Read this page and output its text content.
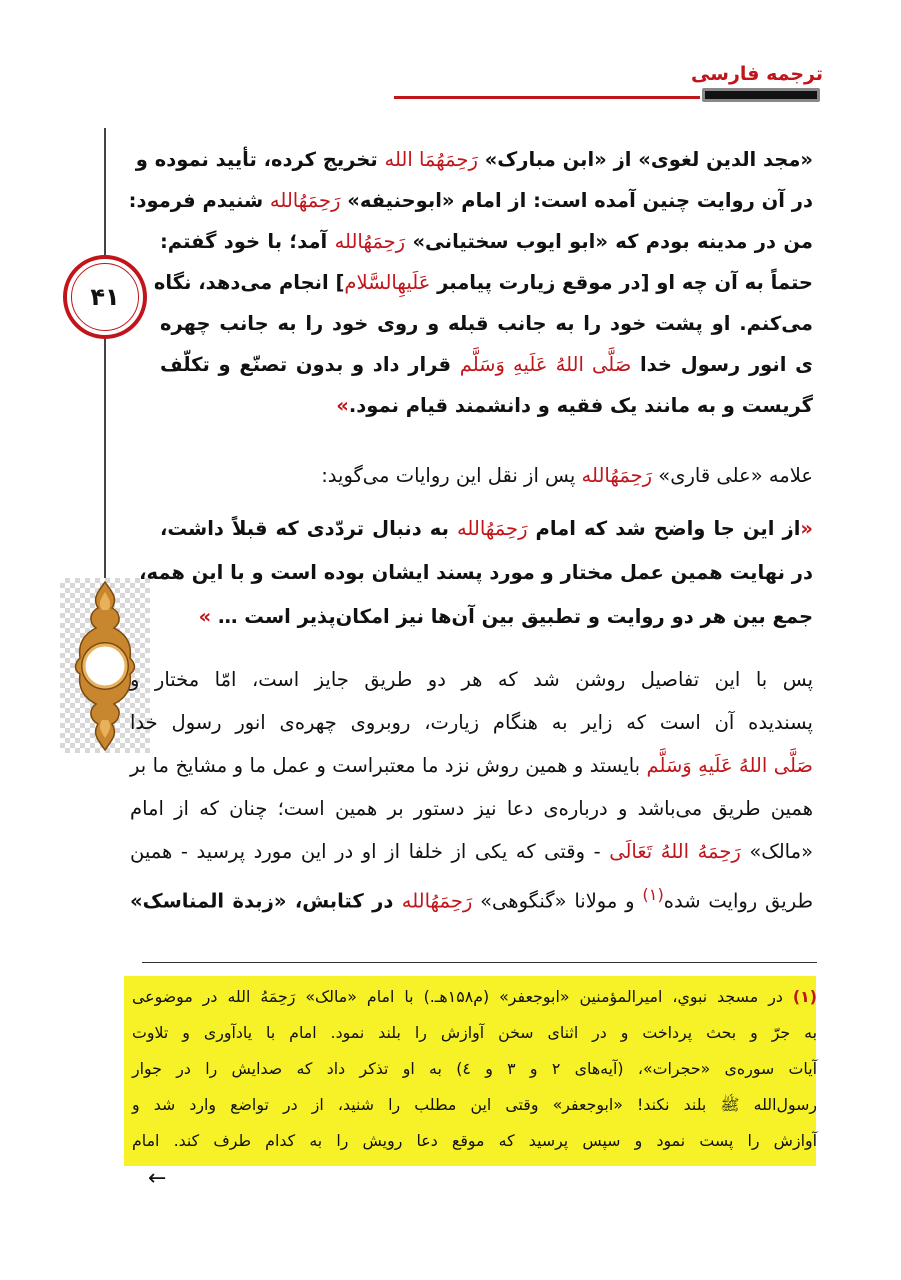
ترجمه فارسی
۴۱
«مجد الدین لغوی» از «ابن مبارک» رَحِمَهُمَا الله تخریج کرده، تأیید نموده و
در آن روایت چنین آمده است: از امام «ابوحنیفه» رَحِمَهُالله شنیدم فرمود:
من در مدینه بودم که «ابو ایوب سختیانی» رَحِمَهُالله آمد؛ با خود گفتم:
حتماً به آن چه او [در موقع زیارت پیامبر عَلَيهِالسَّلام] انجام می‌دهد، نگاه
می‌کنم. او پشت خود را به جانب قبله و روی خود را به جانب چهره
ی انور رسول خدا صَلَّى اللهُ عَلَيهِ وَسَلَّم قرار داد و بدون تصنّع و تکلّف
گریست و به مانند یک فقیه و دانشمند قیام نمود.»
علامه «علی قاری» رَحِمَهُالله پس از نقل این روایات می‌گوید:
«از این جا واضح شد که امام رَحِمَهُالله به دنبال تردّدی که قبلاً داشت،
در نهایت همین عمل مختار و مورد پسند ایشان بوده است و با این همه،
جمع بین هر دو روایت و تطبیق بین آن‌ها نیز امکان‌پذیر است … »
پس با این تفاصیل روشن شد که هر دو طریق جایز است، امّا مختار و
پسندیده آن است که زایر به هنگام زیارت، روبروی چهره‌ی انور رسول خدا
صَلَّى اللهُ عَلَيهِ وَسَلَّم بایستد و همین روش نزد ما معتبراست و عمل ما و مشایخ ما بر
همین طریق می‌باشد و درباره‌ی دعا نیز دستور بر همین است؛ چنان که از امام
«مالک» رَحِمَهُ اللهُ تَعَالَى - وقتی که یکی از خلفا از او در این مورد پرسید - همین
طریق روایت شده$^{(۱)}$ و مولانا «گنگوهی» رَحِمَهُالله در کتابش، «زبدة المناسک»
(۱) در مسجد نبوي، امیرالمؤمنین «ابوجعفر» (م۱۵۸هـ.) با امام «مالک» رَحِمَهُ الله در موضوعی
به جرّ و بحث پرداخت و در اثنای سخن آوازش را بلند نمود. امام با یادآوری و تلاوت
آیات سوره‌ی «حجرات»، (آیه‌های ۲ و ۳ و ٤) به او تذکر داد که صدایش را در جوار
رسول‌الله ﷺ بلند نکند! «ابوجعفر» وقتی این مطلب را شنید، از در تواضع وارد شد و
آوازش را پست نمود و سپس پرسید که موقع دعا رویش را به کدام طرف کند. امام
←
